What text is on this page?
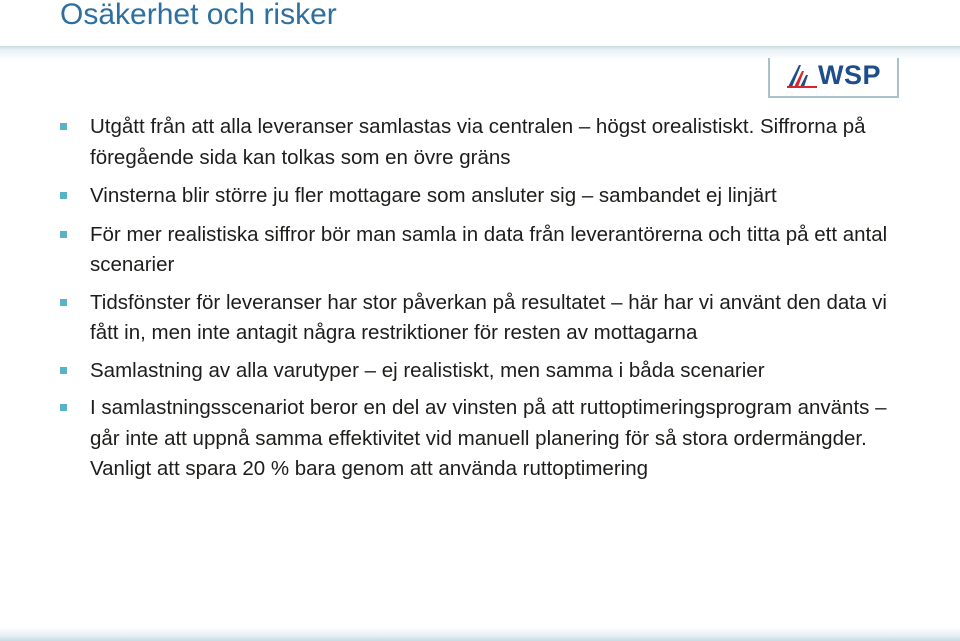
Osäkerhet och risker
WSP
Utgått från att alla leveranser samlastas via centralen – högst orealistiskt. Siffrorna på föregående sida kan tolkas som en övre gräns
Vinsterna blir större ju fler mottagare som ansluter sig – sambandet ej linjärt
För mer realistiska siffror bör man samla in data från leverantörerna och titta på ett antal scenarier
Tidsfönster för leveranser har stor påverkan på resultatet – här har vi använt den data vi fått in, men inte antagit några restriktioner för resten av mottagarna
Samlastning av alla varutyper – ej realistiskt, men samma i båda scenarier
I samlastningsscenariot beror en del av vinsten på att ruttoptimeringsprogram använts – går inte att uppnå samma effektivitet vid manuell planering för så stora ordermängder. Vanligt att spara 20 % bara genom att använda ruttoptimering
